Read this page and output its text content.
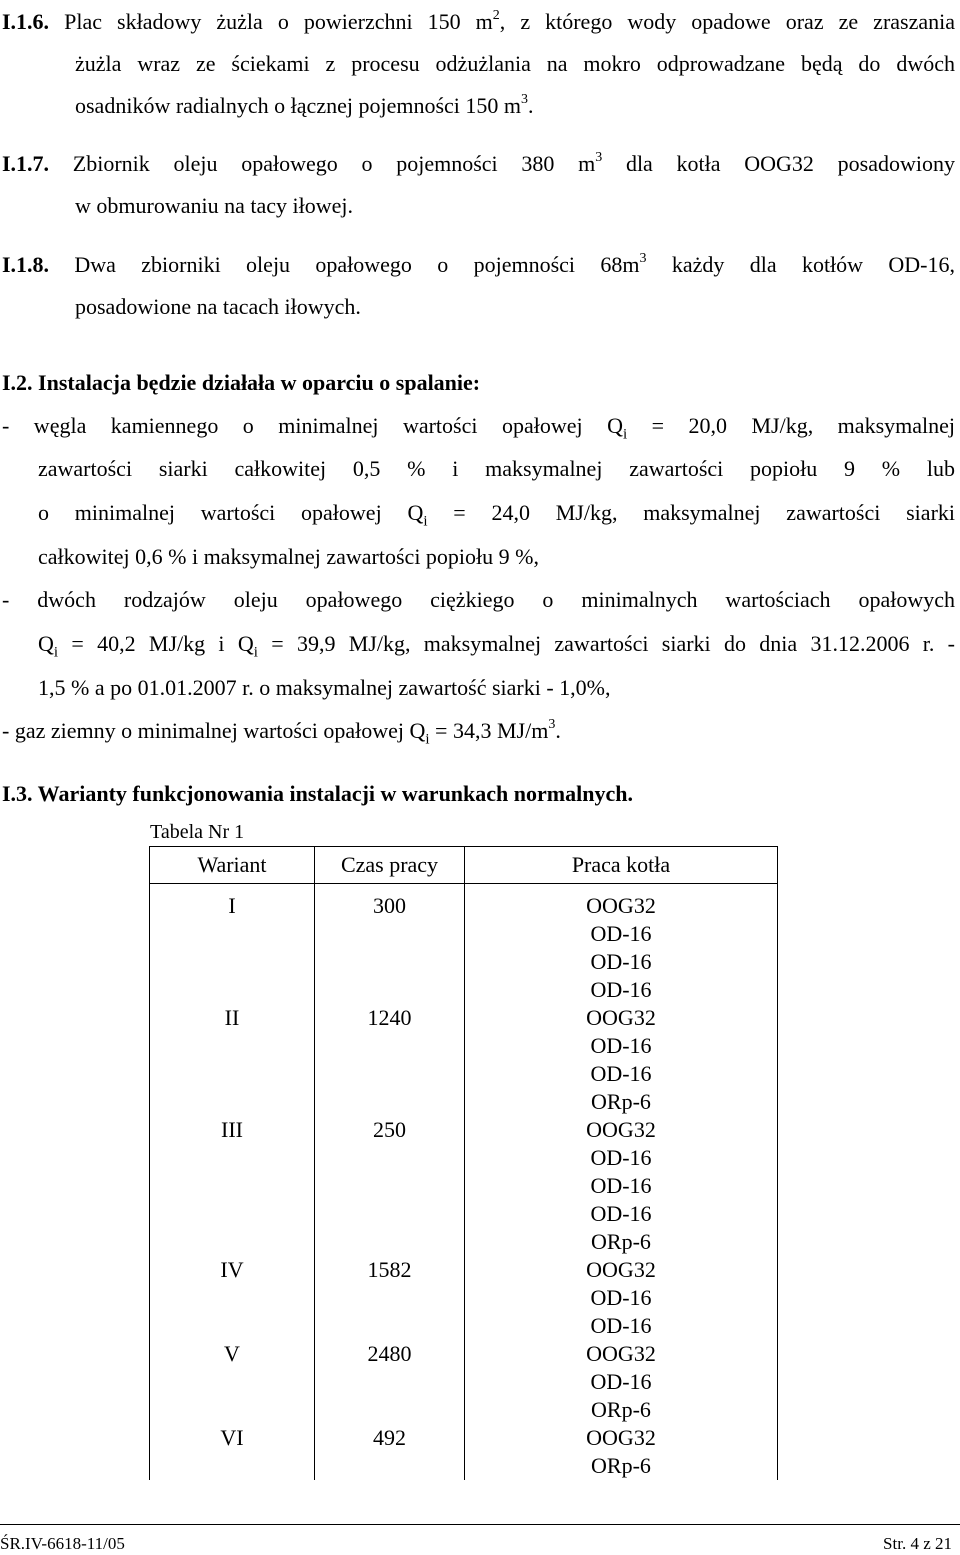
I.1.6. Plac składowy żużla o powierzchni 150 $m^2$, z którego wody opadowe oraz ze zraszania
żużla wraz ze ściekami z procesu odżużlania na mokro odprowadzane będą do dwóch
osadników radialnych o łącznej pojemności 150 $m^3$.
I.1.7. Zbiornik oleju opałowego o pojemności 380 $m^3$ dla kotła OOG32 posadowiony
w obmurowaniu na tacy iłowej.
I.1.8. Dwa zbiorniki oleju opałowego o pojemności $68m^3$ każdy dla kotłów OD-16,
posadowione na tacach iłowych.
I.2. Instalacja będzie działała w oparciu o spalanie:
- węgla kamiennego o minimalnej wartości opałowej $Q_i = 20,0$ MJ/kg, maksymalnej
zawartości siarki całkowitej 0,5 % i maksymalnej zawartości popiołu 9 % lub
o minimalnej wartości opałowej $Q_i = 24,0$ MJ/kg, maksymalnej zawartości siarki
całkowitej 0,6 % i maksymalnej zawartości popiołu 9 %,
- dwóch rodzajów oleju opałowego ciężkiego o minimalnych wartościach opałowych
$Q_i = 40,2$ MJ/kg i $Q_i = 39,9$ MJ/kg, maksymalnej zawartości siarki do dnia 31.12.2006 r. -
1,5 % a po 01.01.2007 r. o maksymalnej zawartość siarki - 1,0%,
- gaz ziemny o minimalnej wartości opałowej $Q_i = 34,3$ $MJ/m^3$.
I.3. Warianty funkcjonowania instalacji w warunkach normalnych.
Tabela Nr 1
Wariant	Czas pracy	Praca kotła
I	300	OOG32
		OD-16
		OD-16
		OD-16
II	1240	OOG32
		OD-16
		OD-16
		ORp-6
III	250	OOG32
		OD-16
		OD-16
		OD-16
		ORp-6
IV	1582	OOG32
		OD-16
		OD-16
V	2480	OOG32
		OD-16
		ORp-6
VI	492	OOG32
		ORp-6
ŚR.IV-6618-11/05	Str. 4 z 21
